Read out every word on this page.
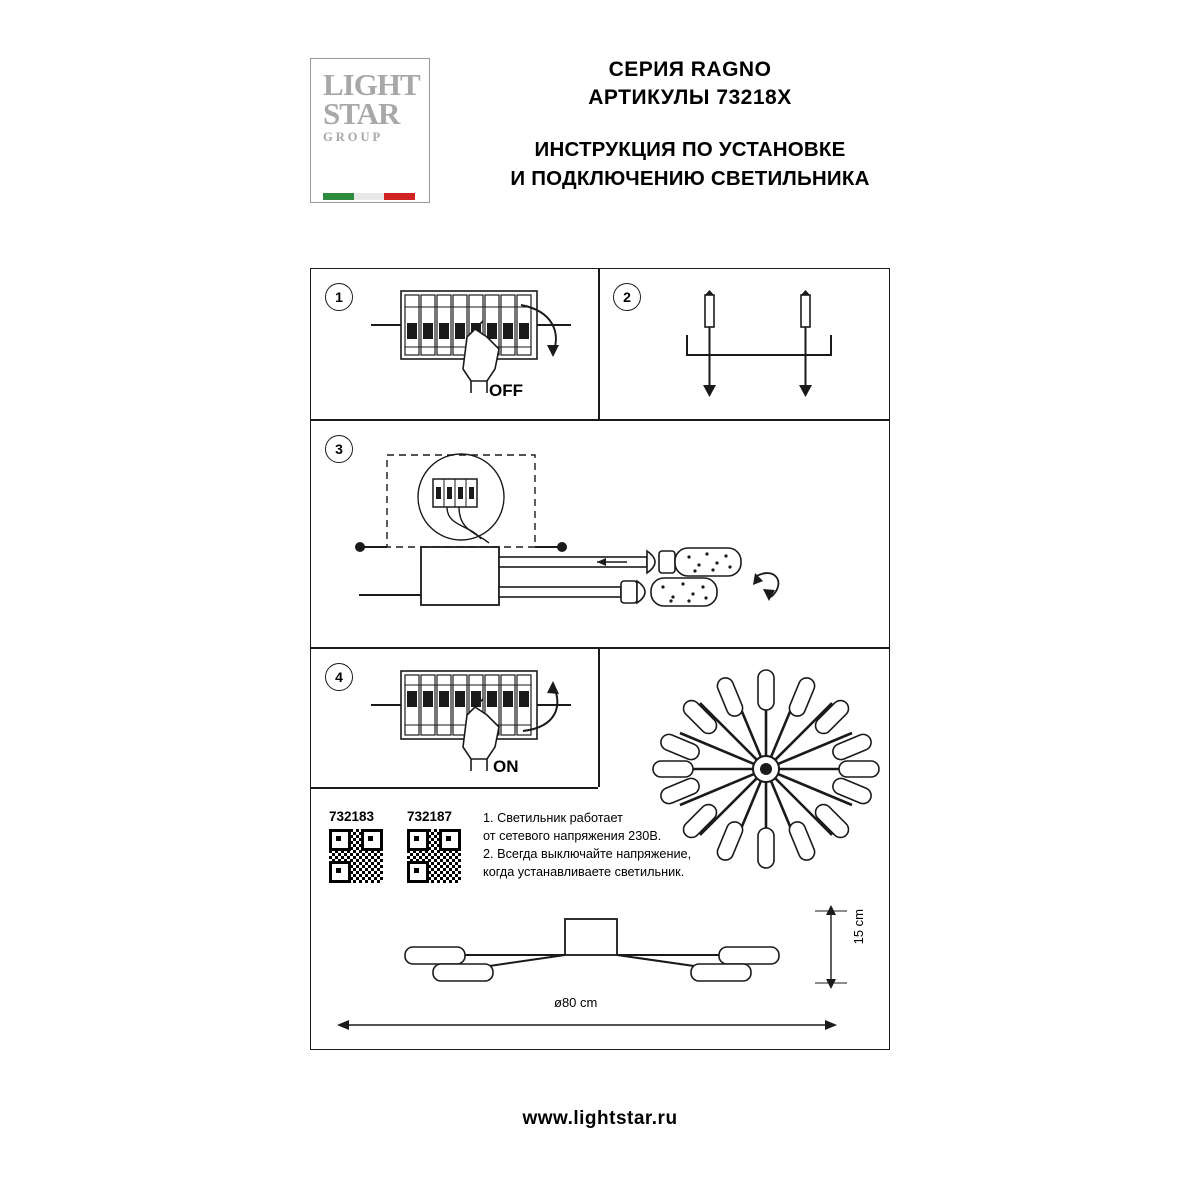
LIGHT
STAR
GROUP
СЕРИЯ RAGNO
АРТИКУЛЫ 73218X
ИНСТРУКЦИЯ ПО УСТАНОВКЕ
И ПОДКЛЮЧЕНИЮ СВЕТИЛЬНИКА
1
OFF
2
3
4
ON
732183 732187 1. Светильник работает
от сетевого напряжения 230В.
2. Всегда выключайте напряжение,
когда устанавливаете светильник.
15 cm
ø80 cm
www.lightstar.ru
